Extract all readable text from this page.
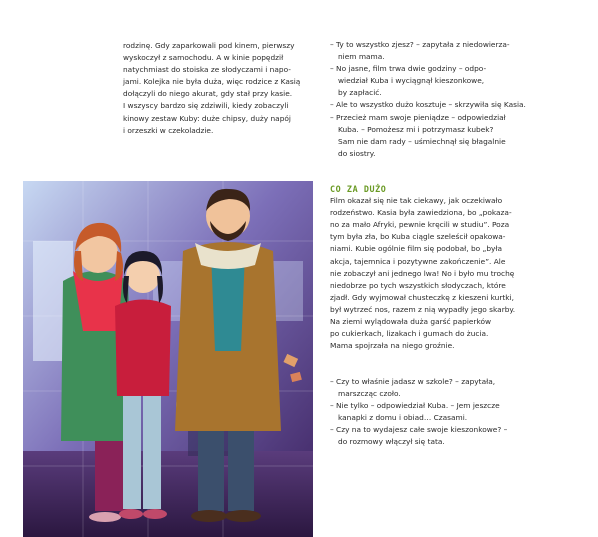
rodzinę. Gdy zaparkowali pod kinem, pierwszy

wyskoczył z samochodu. A w kinie popędził

natychmiast do stoiska ze słodyczami i napo-

jami. Kolejka nie była duża, więc rodzice z Kasią

dołączyli do niego akurat, gdy stał przy kasie.

I wszyscy bardzo się zdziwili, kiedy zobaczyli

kinowy zestaw Kuby: duże chipsy, duży napój

i orzeszki w czekoladzie.

– Ty to wszystko zjesz? – zapytała z niedowierza-

niem mama.

– No jasne, film trwa dwie godziny – odpo-

wiedział Kuba i wyciągnął kieszonkowe,

by zapłacić.

– Ale to wszystko dużo kosztuje – skrzywiła się Kasia.

– Przecież mam swoje pieniądze – odpowiedział

Kuba. – Pomożesz mi i potrzymasz kubek?

Sam nie dam rady – uśmiechnął się błagalnie

do siostry.

CO ZA DUŻO

Film okazał się nie tak ciekawy, jak oczekiwało

rodzeństwo. Kasia była zawiedziona, bo „pokaza-

no za mało Afryki, pewnie kręcili w studiu”. Poza

tym była zła, bo Kuba ciągle szeleścił opakowa-

niami. Kubie ogólnie film się podobał, bo „była

akcja, tajemnica i pozytywne zakończenie”. Ale

nie zobaczył ani jednego lwa! No i było mu trochę

niedobrze po tych wszystkich słodyczach, które

zjadł. Gdy wyjmował chusteczkę z kieszeni kurtki,

był wytrzeć nos, razem z nią wypadły jego skarby.

Na ziemi wylądowała duża garść papierków

po cukierkach, lizakach i gumach do żucia.

Mama spojrzała na niego groźnie.

– Czy to właśnie jadasz w szkole? – zapytała,

marszcząc czoło.

– Nie tylko – odpowiedział Kuba. – Jem jeszcze

kanapki z domu i obiad… Czasami.

– Czy na to wydajesz całe swoje kieszonkowe? –

do rozmowy włączył się tata.
